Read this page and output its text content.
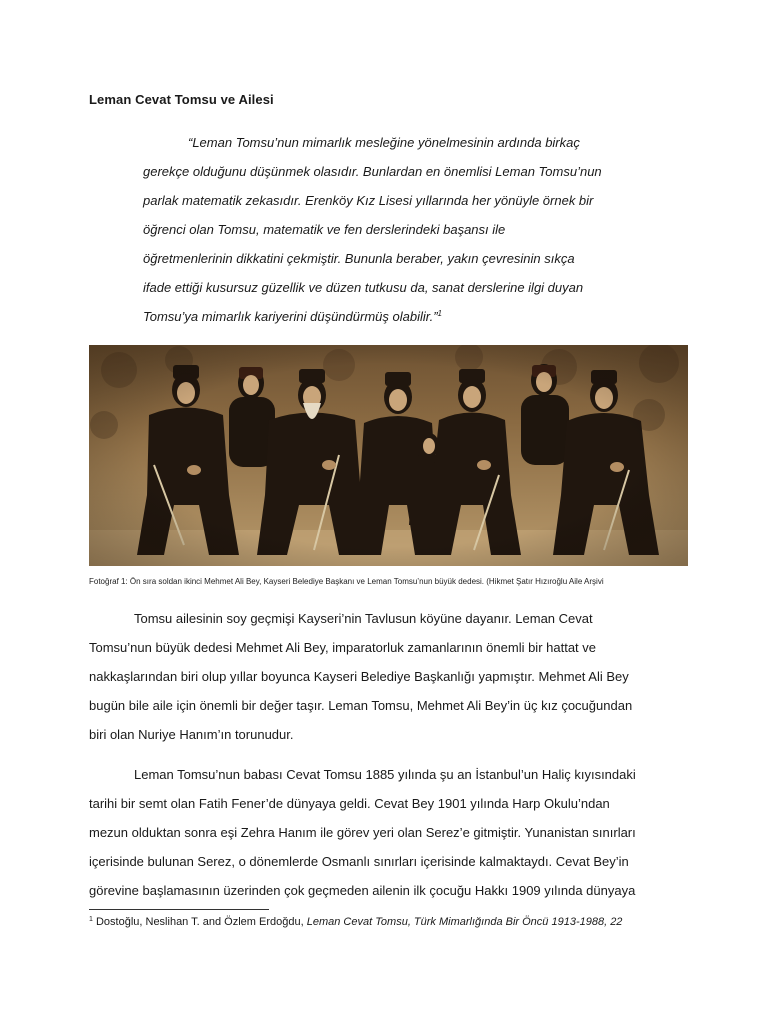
Leman Cevat Tomsu ve Ailesi
“Leman Tomsu’nun mimarlık mesleğine yönelmesinin ardında birkaç
gerekçe olduğunu düşünmek olasıdır. Bunlardan en önemlisi Leman Tomsu’nun
parlak matematik zekasıdır. Erenköy Kız Lisesi yıllarında her yönüyle örnek bir
öğrenci olan Tomsu, matematik ve fen derslerindeki başansı ile
öğretmenlerinin dikkatini çekmiştir. Bununla beraber, yakın çevresinin sıkça
ifade ettiği kusursuz güzellik ve düzen tutkusu da, sanat derslerine ilgi duyan
Tomsu’ya mimarlık kariyerini düşündürmüş olabilir.”$^1$
Fotoğraf 1: Ön sıra soldan ikinci Mehmet Ali Bey, Kayseri Belediye Başkanı ve Leman Tomsu’nun büyük dedesi. (Hikmet Şatır Hızıroğlu Aile Arşivi
Tomsu ailesinin soy geçmişi Kayseri’nin Tavlusun köyüne dayanır. Leman Cevat
Tomsu’nun büyük dedesi Mehmet Ali Bey, imparatorluk zamanlarının önemli bir hattat ve
nakkaşlarından biri olup yıllar boyunca Kayseri Belediye Başkanlığı yapmıştır. Mehmet Ali Bey
bugün bile aile için önemli bir değer taşır. Leman Tomsu, Mehmet Ali Bey’in üç kız çocuğundan
biri olan Nuriye Hanım’ın torunudur.
Leman Tomsu’nun babası Cevat Tomsu 1885 yılında şu an İstanbul’un Haliç kıyısındaki
tarihi bir semt olan Fatih Fener’de dünyaya geldi. Cevat Bey 1901 yılında Harp Okulu’ndan
mezun olduktan sonra eşi Zehra Hanım ile görev yeri olan Serez’e gitmiştir. Yunanistan sınırları
içerisinde bulunan Serez, o dönemlerde Osmanlı sınırları içerisinde kalmaktaydı. Cevat Bey’in
görevine başlamasının üzerinden çok geçmeden ailenin ilk çocuğu Hakkı 1909 yılında dünyaya
$^1$ Dostoğlu, Neslihan T. and Özlem Erdoğdu, Leman Cevat Tomsu, Türk Mimarlığında Bir Öncü 1913-1988, 22
